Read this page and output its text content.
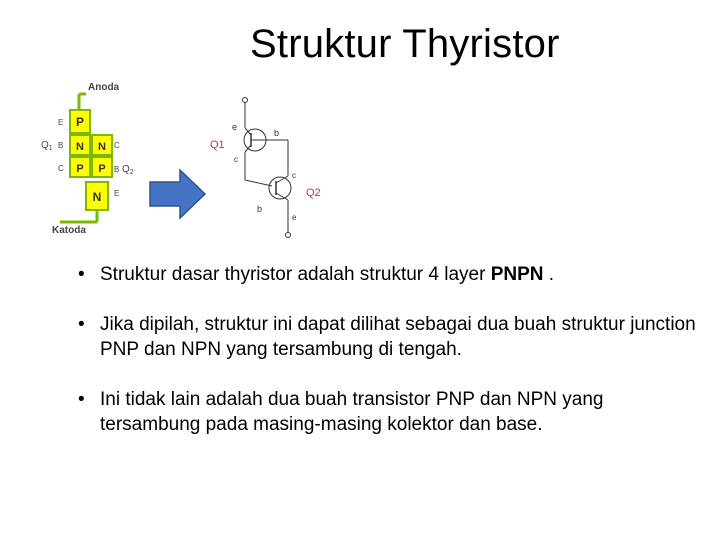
Struktur Thyristor
Anoda
P
N N
P P
N
Katoda
E
B
C
$Q_1$	C
B
E
$Q_2$
e
b
c
c
b
e
Q1
Q2
• Struktur dasar thyristor adalah struktur 4 layer PNPN .
• Jika dipilah, struktur ini dapat dilihat sebagai dua buah struktur junction PNP dan NPN yang tersambung di tengah.
• Ini tidak lain adalah dua buah transistor PNP dan NPN yang tersambung pada masing-masing kolektor dan base.
